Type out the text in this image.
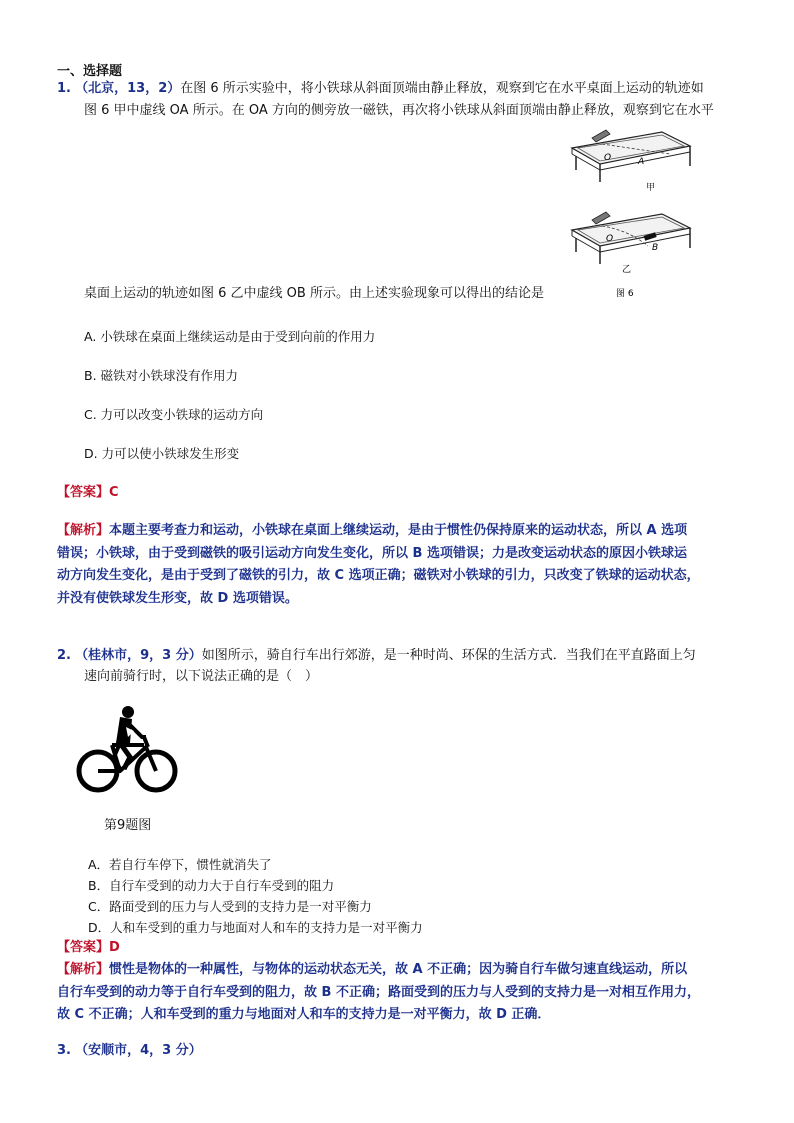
一、选择题
1. （北京，13，2）在图 6 所示实验中，将小铁球从斜面顶端由静止释放，观察到它在水平桌面上运动的轨迹如
图 6 甲中虚线 OA 所示。在 OA 方向的侧旁放一磁铁，再次将小铁球从斜面顶端由静止释放，观察到它在水平
O	A
甲
O
B
乙
图 6
桌面上运动的轨迹如图 6 乙中虚线 OB 所示。由上述实验现象可以得出的结论是
A. 小铁球在桌面上继续运动是由于受到向前的作用力
B. 磁铁对小铁球没有作用力
C. 力可以改变小铁球的运动方向
D. 力可以使小铁球发生形变
【答案】C
【解析】本题主要考查力和运动，小铁球在桌面上继续运动，是由于惯性仍保持原来的运动状态，所以 A 选项
错误；小铁球，由于受到磁铁的吸引运动方向发生变化，所以 B 选项错误；力是改变运动状态的原因小铁球运
动方向发生变化，是由于受到了磁铁的引力，故 C 选项正确；磁铁对小铁球的引力，只改变了铁球的运动状态，
并没有使铁球发生形变，故 D 选项错误。
2. （桂林市，9，3 分）如图所示，骑自行车出行郊游，是一种时尚、环保的生活方式．当我们在平直路面上匀
速向前骑行时，以下说法正确的是（　）
第9题图
A．若自行车停下，惯性就消失了
B．自行车受到的动力大于自行车受到的阻力
C．路面受到的压力与人受到的支持力是一对平衡力
D．人和车受到的重力与地面对人和车的支持力是一对平衡力
【答案】D
【解析】惯性是物体的一种属性，与物体的运动状态无关，故 A 不正确；因为骑自行车做匀速直线运动，所以
自行车受到的动力等于自行车受到的阻力，故 B 不正确；路面受到的压力与人受到的支持力是一对相互作用力，
故 C 不正确；人和车受到的重力与地面对人和车的支持力是一对平衡力，故 D 正确．
3. （安顺市，4，3 分）
